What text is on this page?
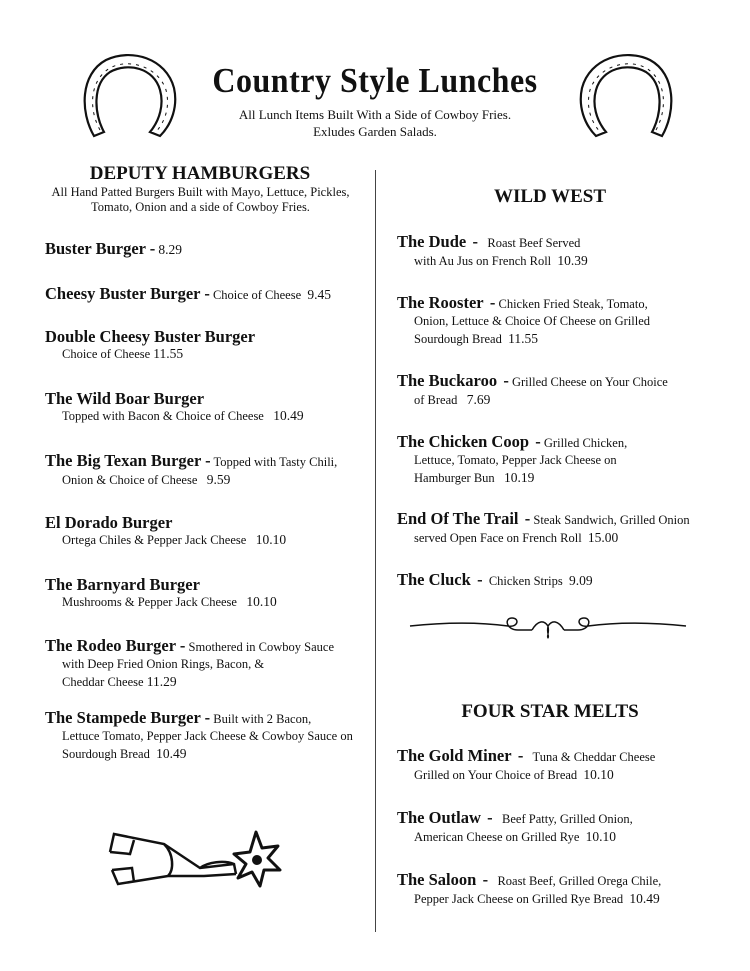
Country Style Lunches
All Lunch Items Built With a Side of Cowboy Fries.
Exludes Garden Salads.
DEPUTY HAMBURGERS
All Hand Patted Burgers Built with Mayo, Lettuce, Pickles,
Tomato, Onion and a side of Cowboy Fries.
Buster Burger - 8.29
Cheesy Buster Burger - Choice of Cheese 9.45
Double Cheesy Buster Burger
Choice of Cheese 11.55
The Wild Boar Burger
Topped with Bacon & Choice of Cheese 10.49
The Big Texan Burger - Topped with Tasty Chili,
Onion & Choice of Cheese 9.59
El Dorado Burger
Ortega Chiles & Pepper Jack Cheese 10.10
The Barnyard Burger
Mushrooms & Pepper Jack Cheese 10.10
The Rodeo Burger - Smothered in Cowboy Sauce
with Deep Fried Onion Rings, Bacon, &
Cheddar Cheese 11.29
The Stampede Burger - Built with 2 Bacon,
Lettuce Tomato, Pepper Jack Cheese & Cowboy Sauce on
Sourdough Bread 10.49
WILD WEST
The Dude - Roast Beef Served
with Au Jus on French Roll 10.39
The Rooster - Chicken Fried Steak, Tomato,
Onion, Lettuce & Choice Of Cheese on Grilled
Sourdough Bread 11.55
The Buckaroo - Grilled Cheese on Your Choice
of Bread 7.69
The Chicken Coop - Grilled Chicken,
Lettuce, Tomato, Pepper Jack Cheese on
Hamburger Bun 10.19
End Of The Trail - Steak Sandwich, Grilled Onion
served Open Face on French Roll 15.00
The Cluck - Chicken Strips 9.09
FOUR STAR MELTS
The Gold Miner - Tuna & Cheddar Cheese
Grilled on Your Choice of Bread 10.10
The Outlaw - Beef Patty, Grilled Onion,
American Cheese on Grilled Rye 10.10
The Saloon - Roast Beef, Grilled Orega Chile,
Pepper Jack Cheese on Grilled Rye Bread 10.49
